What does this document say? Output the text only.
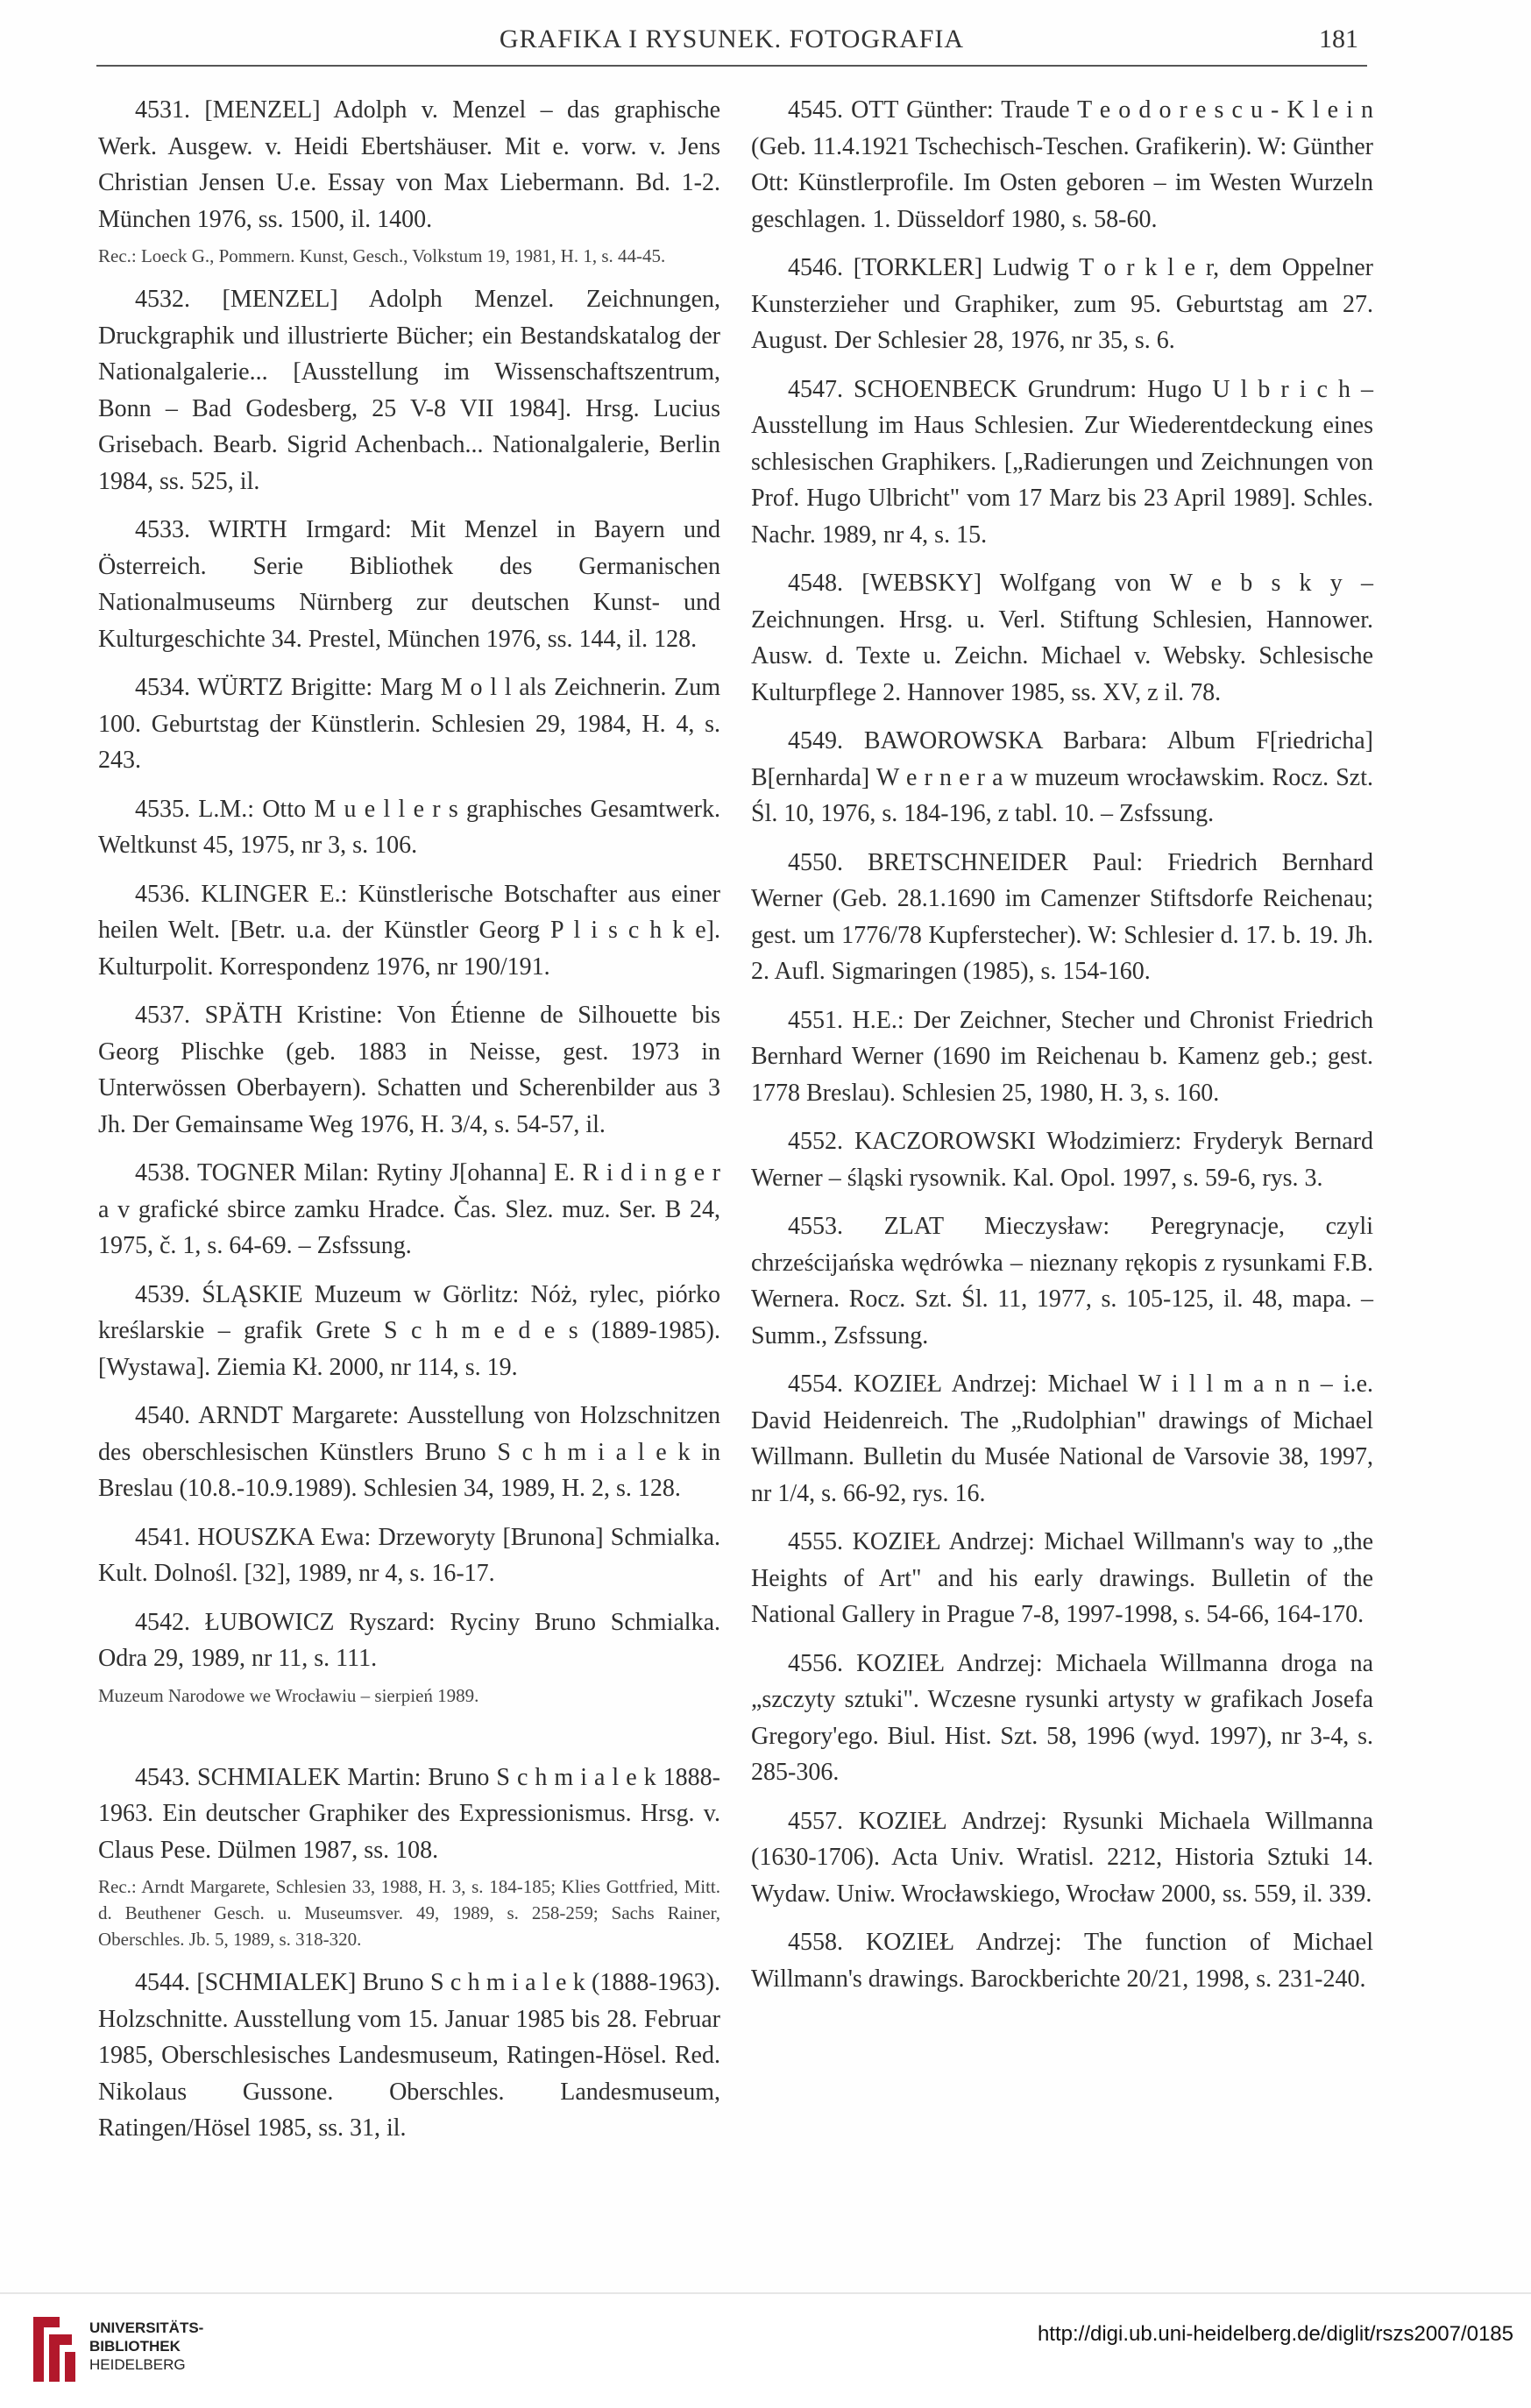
GRAFIKA I RYSUNEK. FOTOGRAFIA	181

4531. [MENZEL] Adolph v. Menzel – das graphische Werk. Ausgew. v. Heidi Ebertshäuser. Mit e. vorw. v. Jens Christian Jensen U.e. Essay von Max Liebermann. Bd. 1-2. München 1976, ss. 1500, il. 1400.

Rec.: Loeck G., Pommern. Kunst, Gesch., Volkstum 19, 1981, H. 1, s. 44-45.

4532. [MENZEL] Adolph Menzel. Zeichnungen, Druckgraphik und illustrierte Bücher; ein Bestandskatalog der Nationalgalerie... [Ausstellung im Wissenschaftszentrum, Bonn – Bad Godesberg, 25 V-8 VII 1984]. Hrsg. Lucius Grisebach. Bearb. Sigrid Achenbach... Nationalgalerie, Berlin 1984, ss. 525, il.

4533. WIRTH Irmgard: Mit Menzel in Bayern und Österreich. Serie Bibliothek des Germanischen Nationalmuseums Nürnberg zur deutschen Kunst- und Kulturgeschichte 34. Prestel, München 1976, ss. 144, il. 128.

4534. WÜRTZ Brigitte: Marg M o l l als Zeichnerin. Zum 100. Geburtstag der Künstlerin. Schlesien 29, 1984, H. 4, s. 243.

4535. L.M.: Otto M u e l l e r s graphisches Gesamtwerk. Weltkunst 45, 1975, nr 3, s. 106.

4536. KLINGER E.: Künstlerische Botschafter aus einer heilen Welt. [Betr. u.a. der Künstler Georg P l i s c h k e]. Kulturpolit. Korrespondenz 1976, nr 190/191.

4537. SPÄTH Kristine: Von Étienne de Silhouette bis Georg Plischke (geb. 1883 in Neisse, gest. 1973 in Unterwössen Oberbayern). Schatten und Scherenbilder aus 3 Jh. Der Gemainsame Weg 1976, H. 3/4, s. 54-57, il.

4538. TOGNER Milan: Rytiny J[ohanna] E. R i d i n g e r a v grafické sbirce zamku Hradce. Čas. Slez. muz. Ser. B 24, 1975, č. 1, s. 64-69. – Zsfssung.

4539. ŚLĄSKIE Muzeum w Görlitz: Nóż, rylec, piórko kreślarskie – grafik Grete S c h m e d e s (1889-1985). [Wystawa]. Ziemia Kł. 2000, nr 114, s. 19.

4540. ARNDT Margarete: Ausstellung von Holzschnitzen des oberschlesischen Künstlers Bruno S c h m i a l e k in Breslau (10.8.-10.9.1989). Schlesien 34, 1989, H. 2, s. 128.

4541. HOUSZKA Ewa: Drzeworyty [Brunona] Schmialka. Kult. Dolnośl. [32], 1989, nr 4, s. 16-17.

4542. ŁUBOWICZ Ryszard: Ryciny Bruno Schmialka. Odra 29, 1989, nr 11, s. 111.

Muzeum Narodowe we Wrocławiu – sierpień 1989.

4543. SCHMIALEK Martin: Bruno S c h m i a l e k 1888-1963. Ein deutscher Graphiker des Expressionismus. Hrsg. v. Claus Pese. Dülmen 1987, ss. 108.

Rec.: Arndt Margarete, Schlesien 33, 1988, H. 3, s. 184-185; Klies Gottfried, Mitt. d. Beuthener Gesch. u. Museumsver. 49, 1989, s. 258-259; Sachs Rainer, Oberschles. Jb. 5, 1989, s. 318-320.

4544. [SCHMIALEK] Bruno S c h m i a l e k (1888-1963). Holzschnitte. Ausstellung vom 15. Januar 1985 bis 28. Februar 1985, Oberschlesisches Landesmuseum, Ratingen-Hösel. Red. Nikolaus Gussone. Oberschles. Landesmuseum, Ratingen/Hösel 1985, ss. 31, il.

4545. OTT Günther: Traude T e o d o r e s c u - K l e i n (Geb. 11.4.1921 Tschechisch-Teschen. Grafikerin). W: Günther Ott: Künstlerprofile. Im Osten geboren – im Westen Wurzeln geschlagen. 1. Düsseldorf 1980, s. 58-60.

4546. [TORKLER] Ludwig T o r k l e r, dem Oppelner Kunsterzieher und Graphiker, zum 95. Geburtstag am 27. August. Der Schlesier 28, 1976, nr 35, s. 6.

4547. SCHOENBECK Grundrum: Hugo U l b r i c h – Ausstellung im Haus Schlesien. Zur Wiederentdeckung eines schlesischen Graphikers. [„Radierungen und Zeichnungen von Prof. Hugo Ulbricht" vom 17 Marz bis 23 April 1989]. Schles. Nachr. 1989, nr 4, s. 15.

4548. [WEBSKY] Wolfgang von W e b s k y – Zeichnungen. Hrsg. u. Verl. Stiftung Schlesien, Hannower. Ausw. d. Texte u. Zeichn. Michael v. Websky. Schlesische Kulturpflege 2. Hannover 1985, ss. XV, z il. 78.

4549. BAWOROWSKA Barbara: Album F[riedricha] B[ernharda] W e r n e r a w muzeum wrocławskim. Rocz. Szt. Śl. 10, 1976, s. 184-196, z tabl. 10. – Zsfssung.

4550. BRETSCHNEIDER Paul: Friedrich Bernhard Werner (Geb. 28.1.1690 im Camenzer Stiftsdorfe Reichenau; gest. um 1776/78 Kupferstecher). W: Schlesier d. 17. b. 19. Jh. 2. Aufl. Sigmaringen (1985), s. 154-160.

4551. H.E.: Der Zeichner, Stecher und Chronist Friedrich Bernhard Werner (1690 im Reichenau b. Kamenz geb.; gest. 1778 Breslau). Schlesien 25, 1980, H. 3, s. 160.

4552. KACZOROWSKI Włodzimierz: Fryderyk Bernard Werner – śląski rysownik. Kal. Opol. 1997, s. 59-6, rys. 3.

4553. ZLAT Mieczysław: Peregrynacje, czyli chrześcijańska wędrówka – nieznany rękopis z rysunkami F.B. Wernera. Rocz. Szt. Śl. 11, 1977, s. 105-125, il. 48, mapa. – Summ., Zsfssung.

4554. KOZIEŁ Andrzej: Michael W i l l m a n n – i.e. David Heidenreich. The „Rudolphian" drawings of Michael Willmann. Bulletin du Musée National de Varsovie 38, 1997, nr 1/4, s. 66-92, rys. 16.

4555. KOZIEŁ Andrzej: Michael Willmann's way to „the Heights of Art" and his early drawings. Bulletin of the National Gallery in Prague 7-8, 1997-1998, s. 54-66, 164-170.

4556. KOZIEŁ Andrzej: Michaela Willmanna droga na „szczyty sztuki". Wczesne rysunki artysty w grafikach Josefa Gregory'ego. Biul. Hist. Szt. 58, 1996 (wyd. 1997), nr 3-4, s. 285-306.

4557. KOZIEŁ Andrzej: Rysunki Michaela Willmanna (1630-1706). Acta Univ. Wratisl. 2212, Historia Sztuki 14. Wydaw. Uniw. Wrocławskiego, Wrocław 2000, ss. 559, il. 339.

4558. KOZIEŁ Andrzej: The function of Michael Willmann's drawings. Barockberichte 20/21, 1998, s. 231-240.

UNIVERSITÄTS-
BIBLIOTHEK
HEIDELBERG
http://digi.ub.uni-heidelberg.de/diglit/rszs2007/0185
